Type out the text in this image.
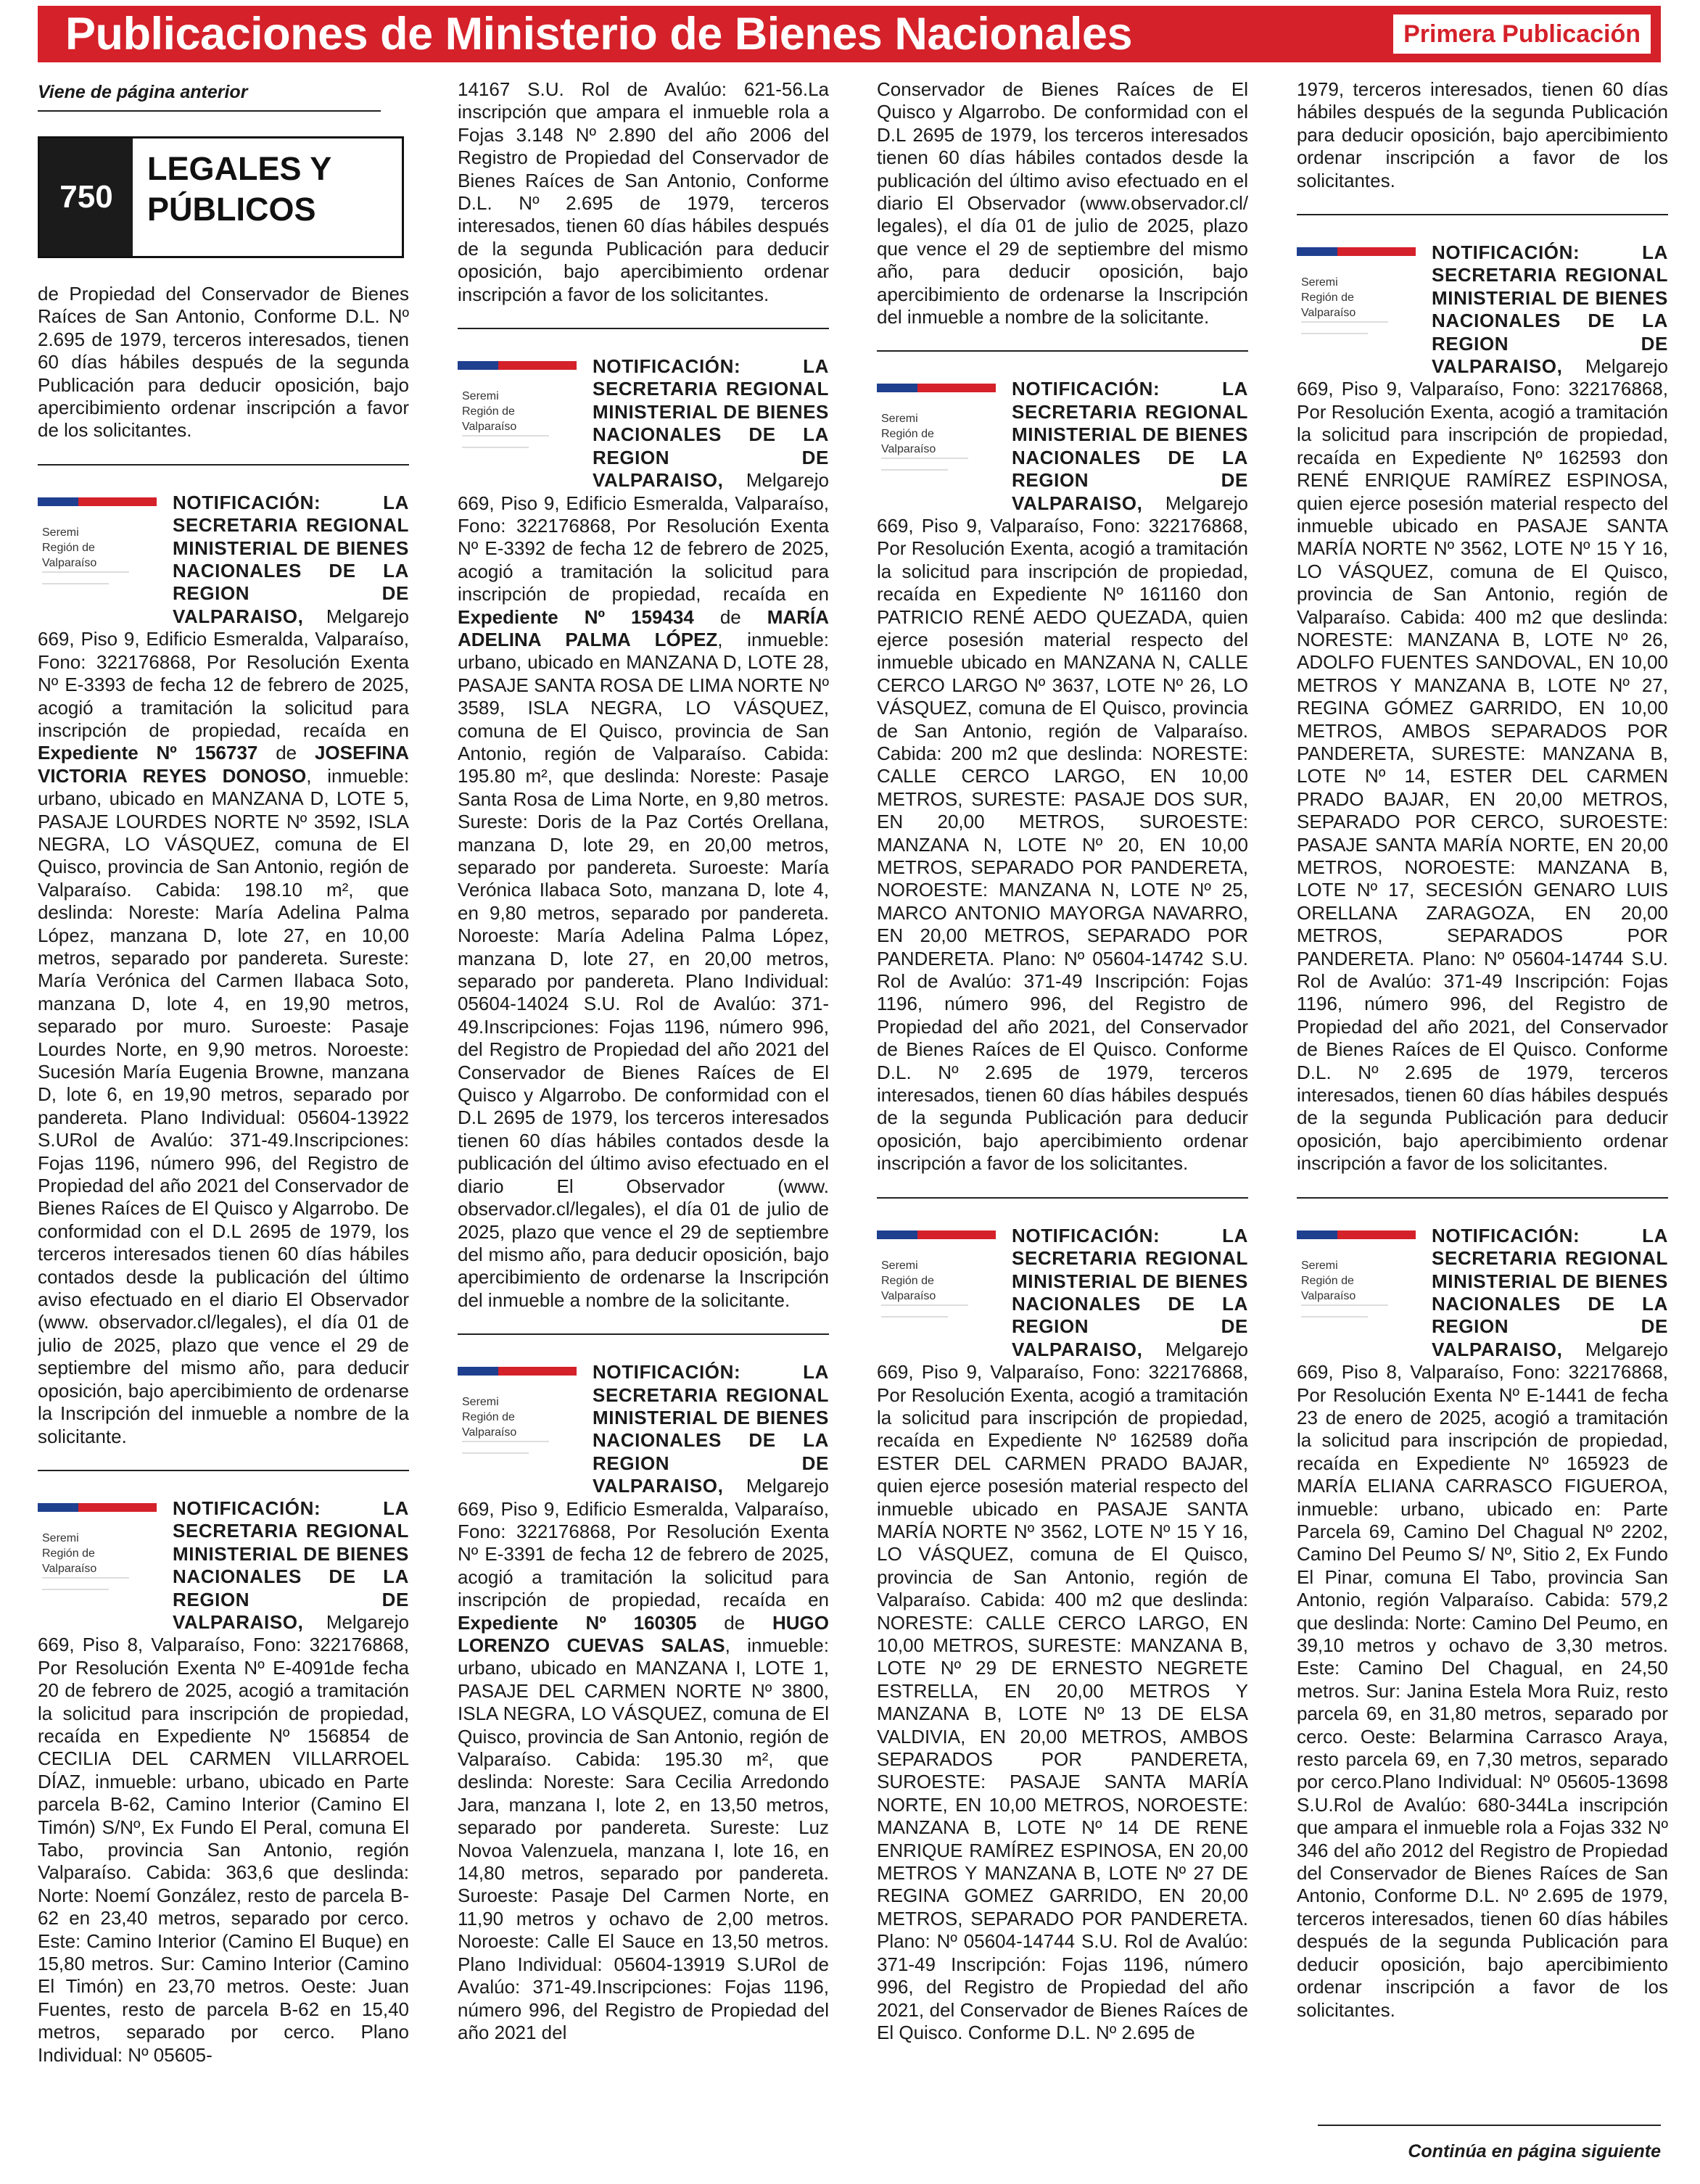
Publicaciones de Ministerio de Bienes Nacionales	Primera Publicación

Viene de página anterior

750
LEGALES Y
PÚBLICOS

de Propiedad del Conservador de Bienes Raíces de San Antonio, Conforme D.L. Nº 2.695 de 1979, terceros interesados, tienen 60 días hábiles después de la segunda Publicación para deducir oposición, bajo apercibimiento ordenar inscripción a favor de los solicitantes.

Seremi
Región de
Valparaíso

NOTIFICACIÓN: LA SECRETARIA REGIONAL MINISTERIAL DE BIENES NACIONALES DE LA REGION DE VALPARAISO, Melgarejo 669, Piso 9, Edificio Esmeralda, Valparaíso, Fono: 322176868, Por Resolución Exenta Nº E-3393 de fecha 12 de febrero de 2025, acogió a tramitación la solicitud para inscripción de propiedad, recaída en Expediente Nº 156737 de JOSEFINA VICTORIA REYES DONOSO, inmueble: urbano, ubicado en MANZANA D, LOTE 5, PASAJE LOURDES NORTE Nº 3592, ISLA NEGRA, LO VÁSQUEZ, comuna de El Quisco, provincia de San Antonio, región de Valparaíso. Cabida: 198.10 m², que deslinda: Noreste: María Adelina Palma López, manzana D, lote 27, en 10,00 metros, separado por pandereta. Sureste: María Verónica del Carmen Ilabaca Soto, manzana D, lote 4, en 19,90 metros, separado por muro. Suroeste: Pasaje Lourdes Norte, en 9,90 metros. Noroeste: Sucesión María Eugenia Browne, manzana D, lote 6, en 19,90 metros, separado por pandereta. Plano Individual: 05604-13922 S.URol de Avalúo: 371-49.Inscripciones: Fojas 1196, número 996, del Registro de Propiedad del año 2021 del Conservador de Bienes Raíces de El Quisco y Algarrobo. De conformidad con el D.L 2695 de 1979, los terceros interesados tienen 60 días hábiles contados desde la publicación del último aviso efectuado en el diario El Observador (www. observador.cl/legales), el día 01 de julio de 2025, plazo que vence el 29 de septiembre del mismo año, para deducir oposición, bajo apercibimiento de ordenarse la Inscripción del inmueble a nombre de la solicitante.

Seremi
Región de
Valparaíso

NOTIFICACIÓN: LA SECRETARIA REGIONAL MINISTERIAL DE BIENES NACIONALES DE LA REGION DE VALPARAISO, Melgarejo 669, Piso 8, Valparaíso, Fono: 322176868, Por Resolución Exenta Nº E-4091de fecha 20 de febrero de 2025, acogió a tramitación la solicitud para inscripción de propiedad, recaída en Expediente Nº 156854 de CECILIA DEL CARMEN VILLARROEL DÍAZ, inmueble: urbano, ubicado en Parte parcela B-62, Camino Interior (Camino El Timón) S/Nº, Ex Fundo El Peral, comuna El Tabo, provincia San Antonio, región Valparaíso. Cabida: 363,6 que deslinda: Norte: Noemí González, resto de parcela B-62 en 23,40 metros, separado por cerco. Este: Camino Interior (Camino El Buque) en 15,80 metros. Sur: Camino Interior (Camino El Timón) en 23,70 metros. Oeste: Juan Fuentes, resto de parcela B-62 en 15,40 metros, separado por cerco. Plano Individual: Nº 05605-

14167 S.U. Rol de Avalúo: 621-56.La inscripción que ampara el inmueble rola a Fojas 3.148 Nº 2.890 del año 2006 del Registro de Propiedad del Conservador de Bienes Raíces de San Antonio, Conforme D.L. Nº 2.695 de 1979, terceros interesados, tienen 60 días hábiles después de la segunda Publicación para deducir oposición, bajo apercibimiento ordenar inscripción a favor de los solicitantes.

Seremi
Región de
Valparaíso

NOTIFICACIÓN: LA SECRETARIA REGIONAL MINISTERIAL DE BIENES NACIONALES DE LA REGION DE VALPARAISO, Melgarejo 669, Piso 9, Edificio Esmeralda, Valparaíso, Fono: 322176868, Por Resolución Exenta Nº E-3392 de fecha 12 de febrero de 2025, acogió a tramitación la solicitud para inscripción de propiedad, recaída en Expediente Nº 159434 de MARÍA ADELINA PALMA LÓPEZ, inmueble: urbano, ubicado en MANZANA D, LOTE 28, PASAJE SANTA ROSA DE LIMA NORTE Nº 3589, ISLA NEGRA, LO VÁSQUEZ, comuna de El Quisco, provincia de San Antonio, región de Valparaíso. Cabida: 195.80 m², que deslinda: Noreste: Pasaje Santa Rosa de Lima Norte, en 9,80 metros. Sureste: Doris de la Paz Cortés Orellana, manzana D, lote 29, en 20,00 metros, separado por pandereta. Suroeste: María Verónica Ilabaca Soto, manzana D, lote 4, en 9,80 metros, separado por pandereta. Noroeste: María Adelina Palma López, manzana D, lote 27, en 20,00 metros, separado por pandereta. Plano Individual: 05604-14024 S.U. Rol de Avalúo: 371-49.Inscripciones: Fojas 1196, número 996, del Registro de Propiedad del año 2021 del Conservador de Bienes Raíces de El Quisco y Algarrobo. De conformidad con el D.L 2695 de 1979, los terceros interesados tienen 60 días hábiles contados desde la publicación del último aviso efectuado en el diario El Observador (www. observador.cl/legales), el día 01 de julio de 2025, plazo que vence el 29 de septiembre del mismo año, para deducir oposición, bajo apercibimiento de ordenarse la Inscripción del inmueble a nombre de la solicitante.

Seremi
Región de
Valparaíso

NOTIFICACIÓN: LA SECRETARIA REGIONAL MINISTERIAL DE BIENES NACIONALES DE LA REGION DE VALPARAISO, Melgarejo 669, Piso 9, Edificio Esmeralda, Valparaíso, Fono: 322176868, Por Resolución Exenta Nº E-3391 de fecha 12 de febrero de 2025, acogió a tramitación la solicitud para inscripción de propiedad, recaída en Expediente Nº 160305 de HUGO LORENZO CUEVAS SALAS, inmueble: urbano, ubicado en MANZANA I, LOTE 1, PASAJE DEL CARMEN NORTE Nº 3800, ISLA NEGRA, LO VÁSQUEZ, comuna de El Quisco, provincia de San Antonio, región de Valparaíso. Cabida: 195.30 m², que deslinda: Noreste: Sara Cecilia Arredondo Jara, manzana I, lote 2, en 13,50 metros, separado por pandereta. Sureste: Luz Novoa Valenzuela, manzana I, lote 16, en 14,80 metros, separado por pandereta. Suroeste: Pasaje Del Carmen Norte, en 11,90 metros y ochavo de 2,00 metros. Noroeste: Calle El Sauce en 13,50 metros. Plano Individual: 05604-13919 S.URol de Avalúo: 371-49.Inscripciones: Fojas 1196, número 996, del Registro de Propiedad del año 2021 del

Conservador de Bienes Raíces de El Quisco y Algarrobo. De conformidad con el D.L 2695 de 1979, los terceros interesados tienen 60 días hábiles contados desde la publicación del último aviso efectuado en el diario El Observador (www.observador.cl/ legales), el día 01 de julio de 2025, plazo que vence el 29 de septiembre del mismo año, para deducir oposición, bajo apercibimiento de ordenarse la Inscripción del inmueble a nombre de la solicitante.

Seremi
Región de
Valparaíso

NOTIFICACIÓN: LA SECRETARIA REGIONAL MINISTERIAL DE BIENES NACIONALES DE LA REGION DE VALPARAISO, Melgarejo 669, Piso 9, Valparaíso, Fono: 322176868, Por Resolución Exenta, acogió a tramitación la solicitud para inscripción de propiedad, recaída en Expediente Nº 161160 don PATRICIO RENÉ AEDO QUEZADA, quien ejerce posesión material respecto del inmueble ubicado en MANZANA N, CALLE CERCO LARGO Nº 3637, LOTE Nº 26, LO VÁSQUEZ, comuna de El Quisco, provincia de San Antonio, región de Valparaíso. Cabida: 200 m2 que deslinda: NORESTE: CALLE CERCO LARGO, EN 10,00 METROS, SURESTE: PASAJE DOS SUR, EN 20,00 METROS, SUROESTE: MANZANA N, LOTE Nº 20, EN 10,00 METROS, SEPARADO POR PANDERETA, NOROESTE: MANZANA N, LOTE Nº 25, MARCO ANTONIO MAYORGA NAVARRO, EN 20,00 METROS, SEPARADO POR PANDERETA. Plano: Nº 05604-14742 S.U. Rol de Avalúo: 371-49 Inscripción: Fojas 1196, número 996, del Registro de Propiedad del año 2021, del Conservador de Bienes Raíces de El Quisco. Conforme D.L. Nº 2.695 de 1979, terceros interesados, tienen 60 días hábiles después de la segunda Publicación para deducir oposición, bajo apercibimiento ordenar inscripción a favor de los solicitantes.

Seremi
Región de
Valparaíso

NOTIFICACIÓN: LA SECRETARIA REGIONAL MINISTERIAL DE BIENES NACIONALES DE LA REGION DE VALPARAISO, Melgarejo 669, Piso 9, Valparaíso, Fono: 322176868, Por Resolución Exenta, acogió a tramitación la solicitud para inscripción de propiedad, recaída en Expediente Nº 162589 doña ESTER DEL CARMEN PRADO BAJAR, quien ejerce posesión material respecto del inmueble ubicado en PASAJE SANTA MARÍA NORTE Nº 3562, LOTE Nº 15 Y 16, LO VÁSQUEZ, comuna de El Quisco, provincia de San Antonio, región de Valparaíso. Cabida: 400 m2 que deslinda: NORESTE: CALLE CERCO LARGO, EN 10,00 METROS, SURESTE: MANZANA B, LOTE Nº 29 DE ERNESTO NEGRETE ESTRELLA, EN 20,00 METROS Y MANZANA B, LOTE Nº 13 DE ELSA VALDIVIA, EN 20,00 METROS, AMBOS SEPARADOS POR PANDERETA, SUROESTE: PASAJE SANTA MARÍA NORTE, EN 10,00 METROS, NOROESTE: MANZANA B, LOTE Nº 14 DE RENE ENRIQUE RAMÍREZ ESPINOSA, EN 20,00 METROS Y MANZANA B, LOTE Nº 27 DE REGINA GOMEZ GARRIDO, EN 20,00 METROS, SEPARADO POR PANDERETA. Plano: Nº 05604-14744 S.U. Rol de Avalúo: 371-49 Inscripción: Fojas 1196, número 996, del Registro de Propiedad del año 2021, del Conservador de Bienes Raíces de El Quisco. Conforme D.L. Nº 2.695 de

1979, terceros interesados, tienen 60 días hábiles después de la segunda Publicación para deducir oposición, bajo apercibimiento ordenar inscripción a favor de los solicitantes.

Seremi
Región de
Valparaíso

NOTIFICACIÓN: LA SECRETARIA REGIONAL MINISTERIAL DE BIENES NACIONALES DE LA REGION DE VALPARAISO, Melgarejo 669, Piso 9, Valparaíso, Fono: 322176868, Por Resolución Exenta, acogió a tramitación la solicitud para inscripción de propiedad, recaída en Expediente Nº 162593 don RENÉ ENRIQUE RAMÍREZ ESPINOSA, quien ejerce posesión material respecto del inmueble ubicado en PASAJE SANTA MARÍA NORTE Nº 3562, LOTE Nº 15 Y 16, LO VÁSQUEZ, comuna de El Quisco, provincia de San Antonio, región de Valparaíso. Cabida: 400 m2 que deslinda: NORESTE: MANZANA B, LOTE Nº 26, ADOLFO FUENTES SANDOVAL, EN 10,00 METROS Y MANZANA B, LOTE Nº 27, REGINA GÓMEZ GARRIDO, EN 10,00 METROS, AMBOS SEPARADOS POR PANDERETA, SURESTE: MANZANA B, LOTE Nº 14, ESTER DEL CARMEN PRADO BAJAR, EN 20,00 METROS, SEPARADO POR CERCO, SUROESTE: PASAJE SANTA MARÍA NORTE, EN 20,00 METROS, NOROESTE: MANZANA B, LOTE Nº 17, SECESIÓN GENARO LUIS ORELLANA ZARAGOZA, EN 20,00 METROS, SEPARADOS POR PANDERETA. Plano: Nº 05604-14744 S.U. Rol de Avalúo: 371-49 Inscripción: Fojas 1196, número 996, del Registro de Propiedad del año 2021, del Conservador de Bienes Raíces de El Quisco. Conforme D.L. Nº 2.695 de 1979, terceros interesados, tienen 60 días hábiles después de la segunda Publicación para deducir oposición, bajo apercibimiento ordenar inscripción a favor de los solicitantes.

Seremi
Región de
Valparaíso

NOTIFICACIÓN: LA SECRETARIA REGIONAL MINISTERIAL DE BIENES NACIONALES DE LA REGION DE VALPARAISO, Melgarejo 669, Piso 8, Valparaíso, Fono: 322176868, Por Resolución Exenta Nº E-1441 de fecha 23 de enero de 2025, acogió a tramitación la solicitud para inscripción de propiedad, recaída en Expediente Nº 165923 de MARÍA ELIANA CARRASCO FIGUEROA, inmueble: urbano, ubicado en: Parte Parcela 69, Camino Del Chagual Nº 2202, Camino Del Peumo S/ Nº, Sitio 2, Ex Fundo El Pinar, comuna El Tabo, provincia San Antonio, región Valparaíso. Cabida: 579,2 que deslinda: Norte: Camino Del Peumo, en 39,10 metros y ochavo de 3,30 metros. Este: Camino Del Chagual, en 24,50 metros. Sur: Janina Estela Mora Ruiz, resto parcela 69, en 31,80 metros, separado por cerco. Oeste: Belarmina Carrasco Araya, resto parcela 69, en 7,30 metros, separado por cerco.Plano Individual: Nº 05605-13698 S.U.Rol de Avalúo: 680-344La inscripción que ampara el inmueble rola a Fojas 332 Nº 346 del año 2012 del Registro de Propiedad del Conservador de Bienes Raíces de San Antonio, Conforme D.L. Nº 2.695 de 1979, terceros interesados, tienen 60 días hábiles después de la segunda Publicación para deducir oposición, bajo apercibimiento ordenar inscripción a favor de los solicitantes.

Continúa en página siguiente
